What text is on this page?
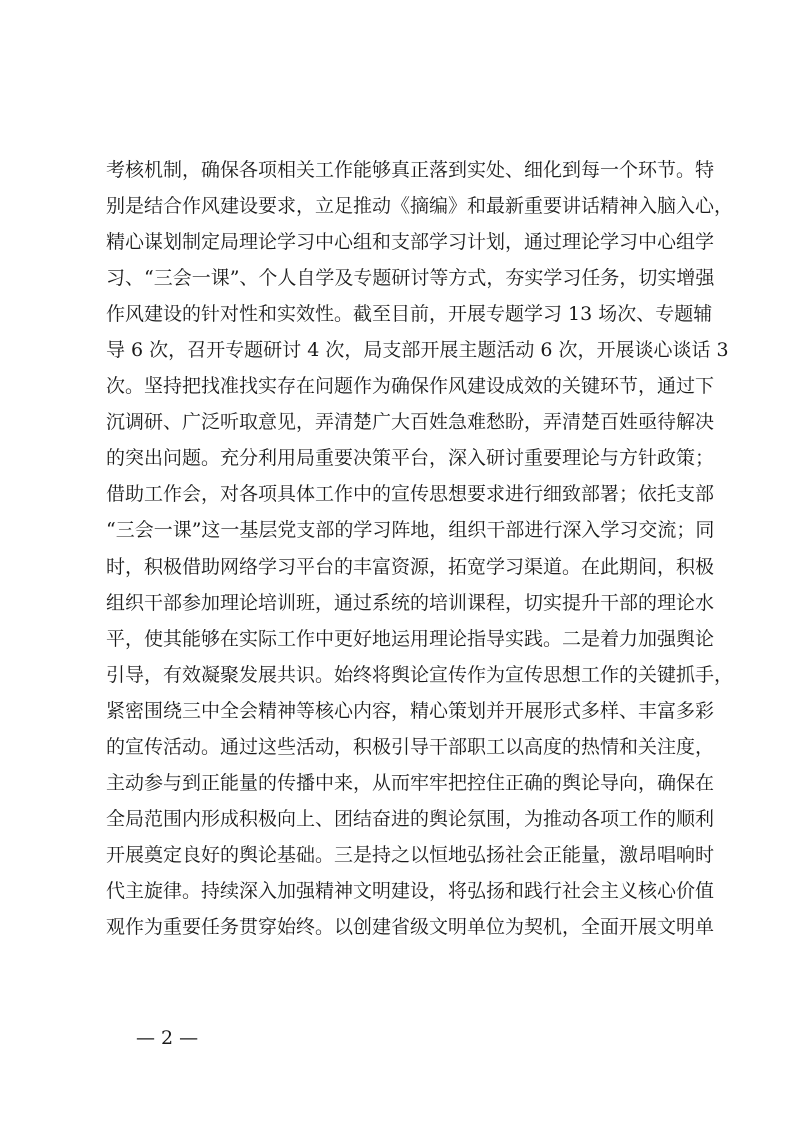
考核机制，确保各项相关工作能够真正落到实处、细化到每一个环节。特
别是结合作风建设要求，立足推动《摘编》和最新重要讲话精神入脑入心，
精心谋划制定局理论学习中心组和支部学习计划，通过理论学习中心组学
习、“三会一课”、个人自学及专题研讨等方式，夯实学习任务，切实增强
作风建设的针对性和实效性。截至目前，开展专题学习 13 场次、专题辅
导 6 次，召开专题研讨 4 次，局支部开展主题活动 6 次，开展谈心谈话 3
次。坚持把找准找实存在问题作为确保作风建设成效的关键环节，通过下
沉调研、广泛听取意见，弄清楚广大百姓急难愁盼，弄清楚百姓亟待解决
的突出问题。充分利用局重要决策平台，深入研讨重要理论与方针政策；
借助工作会，对各项具体工作中的宣传思想要求进行细致部署；依托支部
“三会一课”这一基层党支部的学习阵地，组织干部进行深入学习交流；同
时，积极借助网络学习平台的丰富资源，拓宽学习渠道。在此期间，积极
组织干部参加理论培训班，通过系统的培训课程，切实提升干部的理论水
平，使其能够在实际工作中更好地运用理论指导实践。二是着力加强舆论
引导，有效凝聚发展共识。始终将舆论宣传作为宣传思想工作的关键抓手，
紧密围绕三中全会精神等核心内容，精心策划并开展形式多样、丰富多彩
的宣传活动。通过这些活动，积极引导干部职工以高度的热情和关注度，
主动参与到正能量的传播中来，从而牢牢把控住正确的舆论导向，确保在
全局范围内形成积极向上、团结奋进的舆论氛围，为推动各项工作的顺利
开展奠定良好的舆论基础。三是持之以恒地弘扬社会正能量，激昂唱响时
代主旋律。持续深入加强精神文明建设，将弘扬和践行社会主义核心价值
观作为重要任务贯穿始终。以创建省级文明单位为契机，全面开展文明单
— 2 —
